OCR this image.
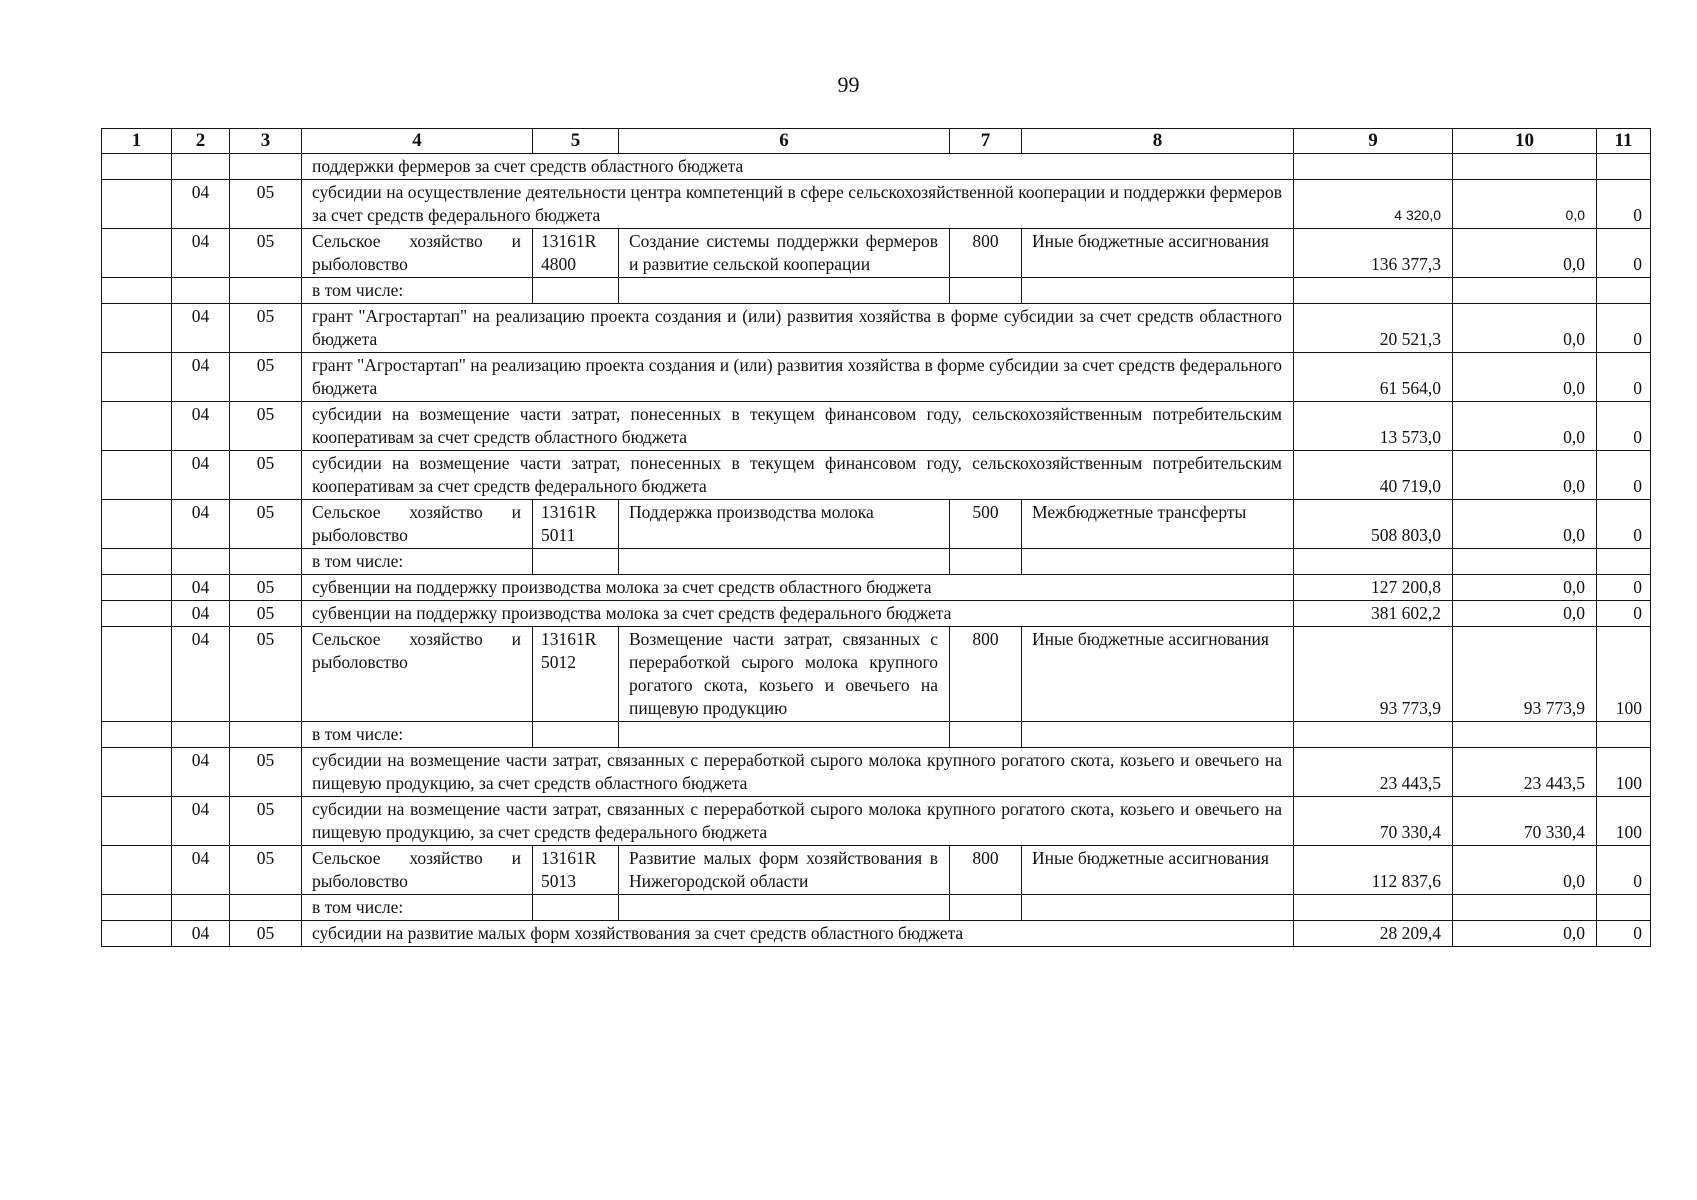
99
1	2	3	4	5	6	7	8	9	10	11
			поддержки фермеров за счет средств областного бюджета							
	04	05	субсидии на осуществление деятельности центра компетенций в сфере сельскохозяйственной кооперации и поддержки фермеров за счет средств федерального бюджета					4 320,0	0,0	0
	04	05	Сельское хозяйство и рыболовство	13161R 4800	Создание системы поддержки фермеров и развитие сельской кооперации	800	Иные бюджетные ассигнования	136 377,3	0,0	0
			в том числе:							
	04	05	грант "Агростартап" на реализацию проекта создания и (или) развития хозяйства в форме субсидии за счет средств областного бюджета					20 521,3	0,0	0
	04	05	грант "Агростартап" на реализацию проекта создания и (или) развития хозяйства в форме субсидии за счет средств федерального бюджета					61 564,0	0,0	0
	04	05	субсидии на возмещение части затрат, понесенных в текущем финансовом году, сельскохозяйственным потребительским кооперативам за счет средств областного бюджета					13 573,0	0,0	0
	04	05	субсидии на возмещение части затрат, понесенных в текущем финансовом году, сельскохозяйственным потребительским кооперативам за счет средств федерального бюджета					40 719,0	0,0	0
	04	05	Сельское хозяйство и рыболовство	13161R 5011	Поддержка производства молока	500	Межбюджетные трансферты	508 803,0	0,0	0
			в том числе:							
	04	05	субвенции на поддержку производства молока за счет средств областного бюджета					127 200,8	0,0	0
	04	05	субвенции на поддержку производства молока за счет средств федерального бюджета					381 602,2	0,0	0
	04	05	Сельское хозяйство и рыболовство	13161R 5012	Возмещение части затрат, связанных с переработкой сырого молока крупного рогатого скота, козьего и овечьего на пищевую продукцию	800	Иные бюджетные ассигнования	93 773,9	93 773,9	100
			в том числе:							
	04	05	субсидии на возмещение части затрат, связанных с переработкой сырого молока крупного рогатого скота, козьего и овечьего на пищевую продукцию, за счет средств областного бюджета					23 443,5	23 443,5	100
	04	05	субсидии на возмещение части затрат, связанных с переработкой сырого молока крупного рогатого скота, козьего и овечьего на пищевую продукцию, за счет средств федерального бюджета					70 330,4	70 330,4	100
	04	05	Сельское хозяйство и рыболовство	13161R 5013	Развитие малых форм хозяйствования в Нижегородской области	800	Иные бюджетные ассигнования	112 837,6	0,0	0
			в том числе:							
	04	05	субсидии на развитие малых форм хозяйствования за счет средств областного бюджета					28 209,4	0,0	0
